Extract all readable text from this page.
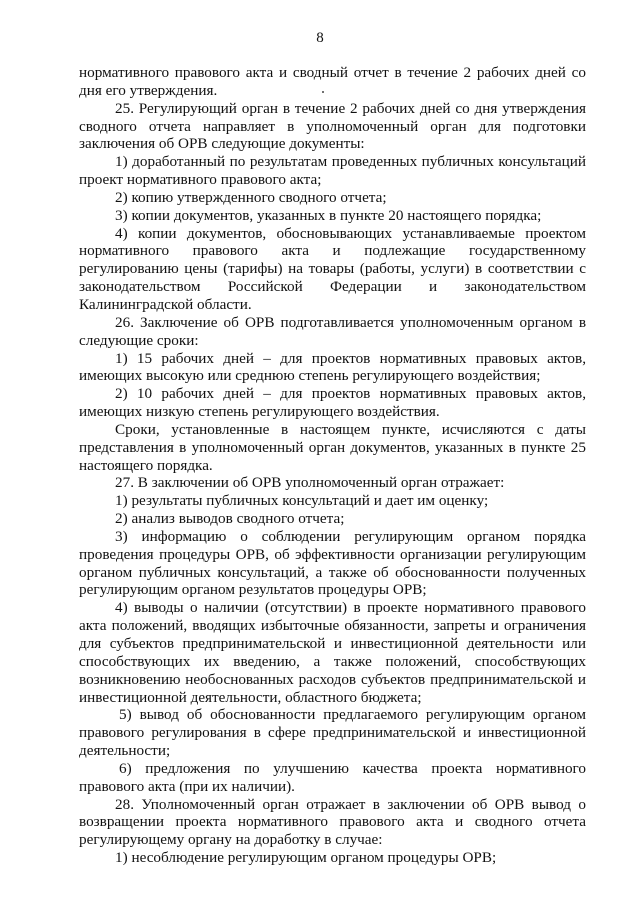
8

нормативного правового акта и сводный отчет в течение 2 рабочих дней со дня его утверждения.

25. Регулирующий орган в течение 2 рабочих дней со дня утверждения сводного отчета направляет в уполномоченный орган для подготовки заключения об ОРВ следующие документы:

1) доработанный по результатам проведенных публичных консультаций проект нормативного правового акта;

2) копию утвержденного сводного отчета;

3) копии документов, указанных в пункте 20 настоящего порядка;

4) копии документов, обосновывающих устанавливаемые проектом нормативного правового акта и подлежащие государственному регулированию цены (тарифы) на товары (работы, услуги) в соответствии с законодательством Российской Федерации и законодательством Калининградской области.

26. Заключение об ОРВ подготавливается уполномоченным органом в следующие сроки:

1) 15 рабочих дней – для проектов нормативных правовых актов, имеющих высокую или среднюю степень регулирующего воздействия;

2) 10 рабочих дней – для проектов нормативных правовых актов, имеющих низкую степень регулирующего воздействия.

Сроки, установленные в настоящем пункте, исчисляются с даты представления в уполномоченный орган документов, указанных в пункте 25 настоящего порядка.

27. В заключении об ОРВ уполномоченный орган отражает:

1) результаты публичных консультаций и дает им оценку;

2) анализ выводов сводного отчета;

3) информацию о соблюдении регулирующим органом порядка проведения процедуры ОРВ, об эффективности организации регулирующим органом публичных консультаций, а также об обоснованности полученных регулирующим органом результатов процедуры ОРВ;

4) выводы о наличии (отсутствии) в проекте нормативного правового акта положений, вводящих избыточные обязанности, запреты и ограничения для субъектов предпринимательской и инвестиционной деятельности или способствующих их введению, а также положений, способствующих возникновению необоснованных расходов субъектов предпринимательской и инвестиционной деятельности, областного бюджета;

5) вывод об обоснованности предлагаемого регулирующим органом правового регулирования в сфере предпринимательской и инвестиционной деятельности;

6) предложения по улучшению качества проекта нормативного правового акта (при их наличии).

28. Уполномоченный орган отражает в заключении об ОРВ вывод о возвращении проекта нормативного правового акта и сводного отчета регулирующему органу на доработку в случае:

1) несоблюдение регулирующим органом процедуры ОРВ;
